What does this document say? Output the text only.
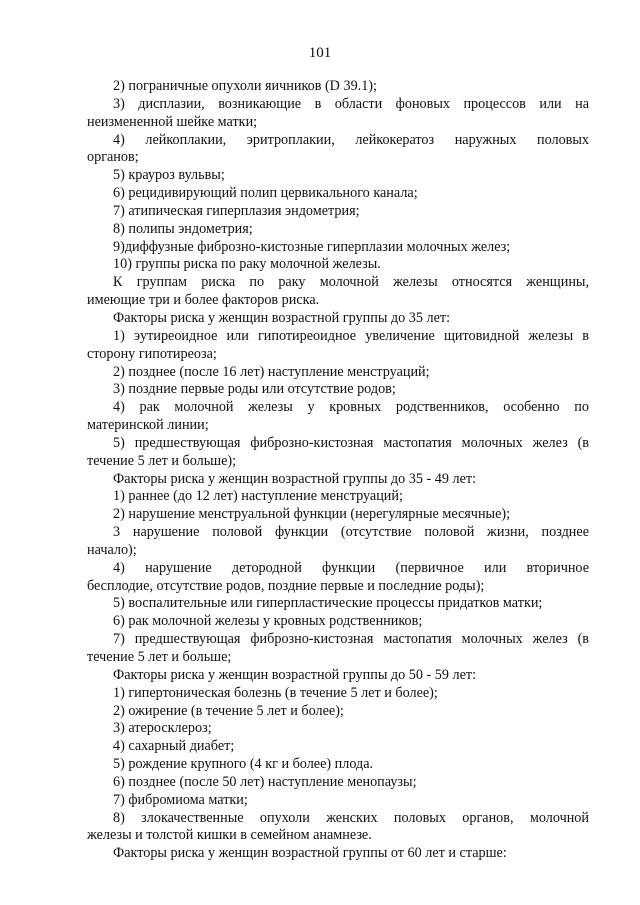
101
2) пограничные опухоли яичников (D 39.1);
3) дисплазии, возникающие в области фоновых процессов или на
неизмененной шейке матки;
4) лейкоплакии, эритроплакии, лейкокератоз наружных половых
органов;
5) крауроз вульвы;
6) рецидивирующий полип цервикального канала;
7) атипическая гиперплазия эндометрия;
8) полипы эндометрия;
9)диффузные фиброзно-кистозные гиперплазии молочных желез;
10) группы риска по раку молочной железы.
К группам риска по раку молочной железы относятся женщины,
имеющие три и более факторов риска.
Факторы риска у женщин возрастной группы до 35 лет:
1) эутиреоидное или гипотиреоидное увеличение щитовидной железы в
сторону гипотиреоза;
2) позднее (после 16 лет) наступление менструаций;
3) поздние первые роды или отсутствие родов;
4) рак молочной железы у кровных родственников, особенно по
материнской линии;
5) предшествующая фиброзно-кистозная мастопатия молочных желез (в
течение 5 лет и больше);
Факторы риска у женщин возрастной группы до 35 - 49 лет:
1) раннее (до 12 лет) наступление менструаций;
2) нарушение менструальной функции (нерегулярные месячные);
3 нарушение половой функции (отсутствие половой жизни, позднее
начало);
4) нарушение детородной функции (первичное или вторичное
бесплодие, отсутствие родов, поздние первые и последние роды);
5) воспалительные или гиперпластические процессы придатков матки;
6) рак молочной железы у кровных родственников;
7) предшествующая фиброзно-кистозная мастопатия молочных желез (в
течение 5 лет и больше;
Факторы риска у женщин возрастной группы до 50 - 59 лет:
1) гипертоническая болезнь (в течение 5 лет и более);
2) ожирение (в течение 5 лет и более);
3) атеросклероз;
4) сахарный диабет;
5) рождение крупного (4 кг и более) плода.
6) позднее (после 50 лет) наступление менопаузы;
7) фибромиома матки;
8) злокачественные опухоли женских половых органов, молочной
железы и толстой кишки в семейном анамнезе.
Факторы риска у женщин возрастной группы от 60 лет и старше:
